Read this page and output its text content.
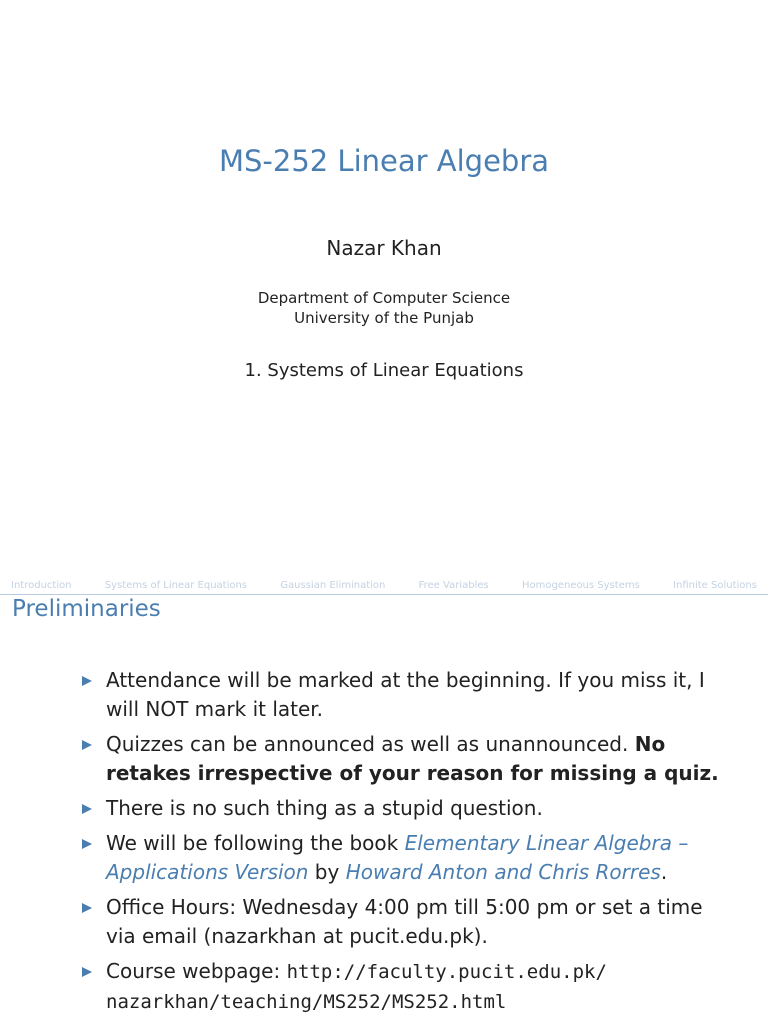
MS-252 Linear Algebra
Nazar Khan
Department of Computer Science
University of the Punjab
1. Systems of Linear Equations
Introduction	Systems of Linear Equations	Gaussian Elimination	Free Variables	Homogeneous Systems	Infinite Solutions
Preliminaries
Attendance will be marked at the beginning. If you miss it, I will NOT mark it later.
Quizzes can be announced as well as unannounced. No retakes irrespective of your reason for missing a quiz.
There is no such thing as a stupid question.
We will be following the book Elementary Linear Algebra – Applications Version by Howard Anton and Chris Rorres.
Office Hours: Wednesday 4:00 pm till 5:00 pm or set a time via email (nazarkhan at pucit.edu.pk).
Course webpage: http://faculty.pucit.edu.pk/ nazarkhan/teaching/MS252/MS252.html
